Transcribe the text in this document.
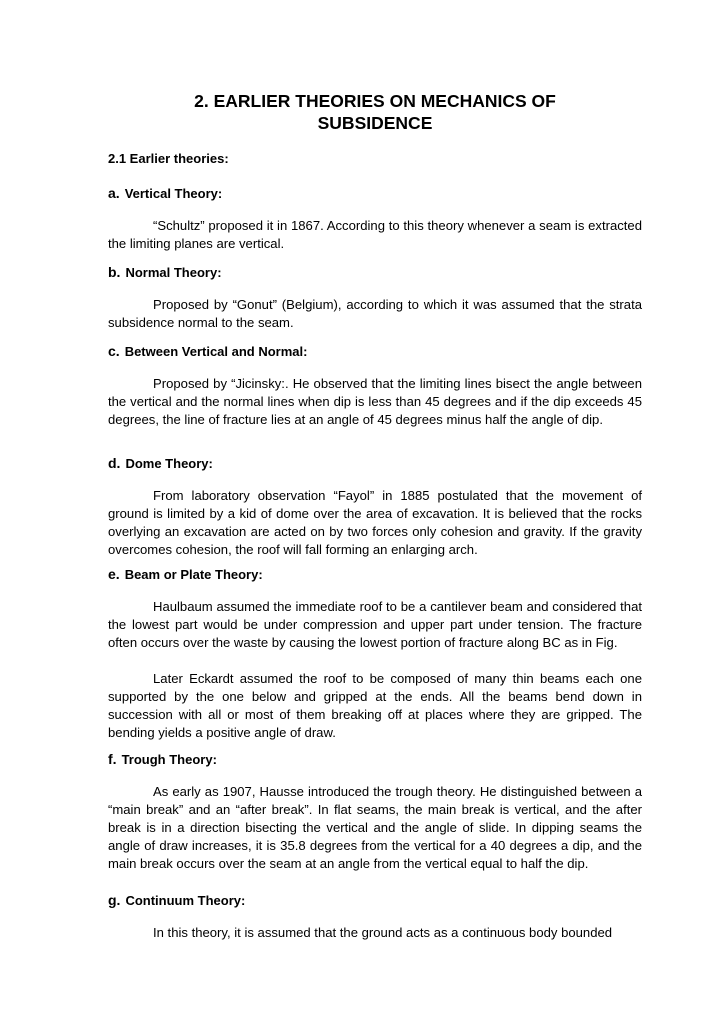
2. EARLIER THEORIES ON MECHANICS OF
SUBSIDENCE
2.1 Earlier theories:
a. Vertical Theory:

“Schultz” proposed it in 1867. According to this theory whenever a seam is extracted the limiting planes are vertical.

b. Normal Theory:

Proposed by “Gonut” (Belgium), according to which it was assumed that the strata subsidence normal to the seam.

c. Between Vertical and Normal:

Proposed by “Jicinsky:. He observed that the limiting lines bisect the angle between the vertical and the normal lines when dip is less than 45 degrees and if the dip exceeds 45 degrees, the line of fracture lies at an angle of 45 degrees minus half the angle of dip.

d. Dome Theory:

From laboratory observation “Fayol” in 1885 postulated that the movement of ground is limited by a kid of dome over the area of excavation. It is believed that the rocks overlying an excavation are acted on by two forces only cohesion and gravity. If the gravity overcomes cohesion, the roof will fall forming an enlarging arch.

e. Beam or Plate Theory:

Haulbaum assumed the immediate roof to be a cantilever beam and considered that the lowest part would be under compression and upper part under tension. The fracture often occurs over the waste by causing the lowest portion of fracture along BC as in Fig.

Later Eckardt assumed the roof to be composed of many thin beams each one supported by the one below and gripped at the ends. All the beams bend down in succession with all or most of them breaking off at places where they are gripped. The bending yields a positive angle of draw.

f. Trough Theory:

As early as 1907, Hausse introduced the trough theory. He distinguished between a “main break” and an “after break”. In flat seams, the main break is vertical, and the after break is in a direction bisecting the vertical and the angle of slide. In dipping seams the angle of draw increases, it is 35.8 degrees from the vertical for a 40 degrees a dip, and the main break occurs over the seam at an angle from the vertical equal to half the dip.

g. Continuum Theory:

In this theory, it is assumed that the ground acts as a continuous body bounded
